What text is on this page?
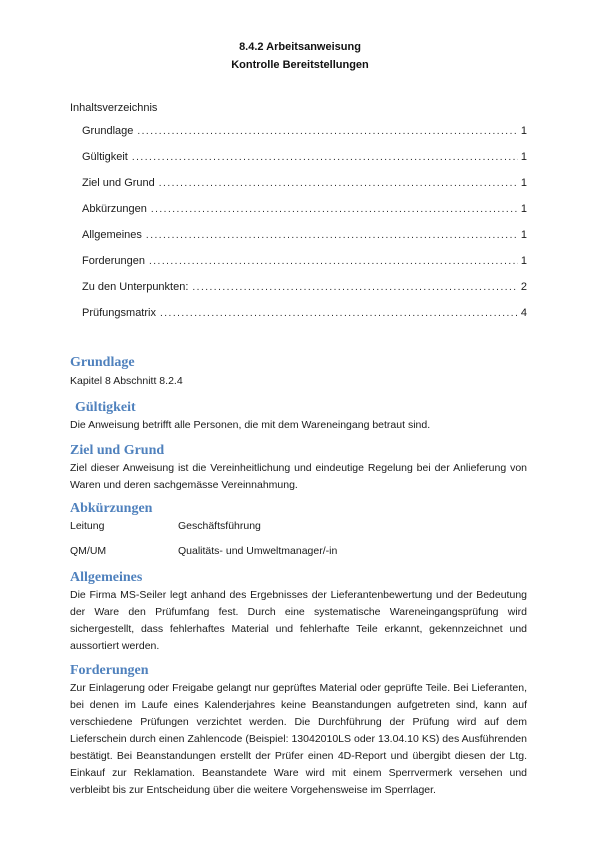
8.4.2 Arbeitsanweisung
Kontrolle Bereitstellungen
Inhaltsverzeichnis
Grundlage .....	1
Gültigkeit .....	1
Ziel und Grund .....	1
Abkürzungen .....	1
Allgemeines .....	1
Forderungen .....	1
Zu den Unterpunkten: .....	2
Prüfungsmatrix .....	4
Grundlage

Kapitel 8 Abschnitt 8.2.4

Gültigkeit

Die Anweisung betrifft alle Personen, die mit dem Wareneingang betraut sind.

Ziel und Grund

Ziel dieser Anweisung ist die Vereinheitlichung und eindeutige Regelung bei der Anlieferung von Waren und deren sachgemässe Vereinnahmung.

Abkürzungen
Leitung	Geschäftsführung
QM/UM	Qualitäts- und Umweltmanager/-in
Allgemeines

Die Firma MS-Seiler legt anhand des Ergebnisses der Lieferantenbewertung und der Bedeutung der Ware den Prüfumfang fest. Durch eine systematische Wareneingangsprüfung wird sichergestellt, dass fehlerhaftes Material und fehlerhafte Teile erkannt, gekennzeichnet und aussortiert werden.

Forderungen

Zur Einlagerung oder Freigabe gelangt nur geprüftes Material oder geprüfte Teile. Bei Lieferanten, bei denen im Laufe eines Kalenderjahres keine Beanstandungen aufgetreten sind, kann auf verschiedene Prüfungen verzichtet werden. Die Durchführung der Prüfung wird auf dem Lieferschein durch einen Zahlencode (Beispiel: 13042010LS oder 13.04.10 KS) des Ausführenden bestätigt. Bei Beanstandungen erstellt der Prüfer einen 4D-Report und übergibt diesen der Ltg. Einkauf zur Reklamation. Beanstandete Ware wird mit einem Sperrvermerk versehen und verbleibt bis zur Entscheidung über die weitere Vorgehensweise im Sperrlager.
